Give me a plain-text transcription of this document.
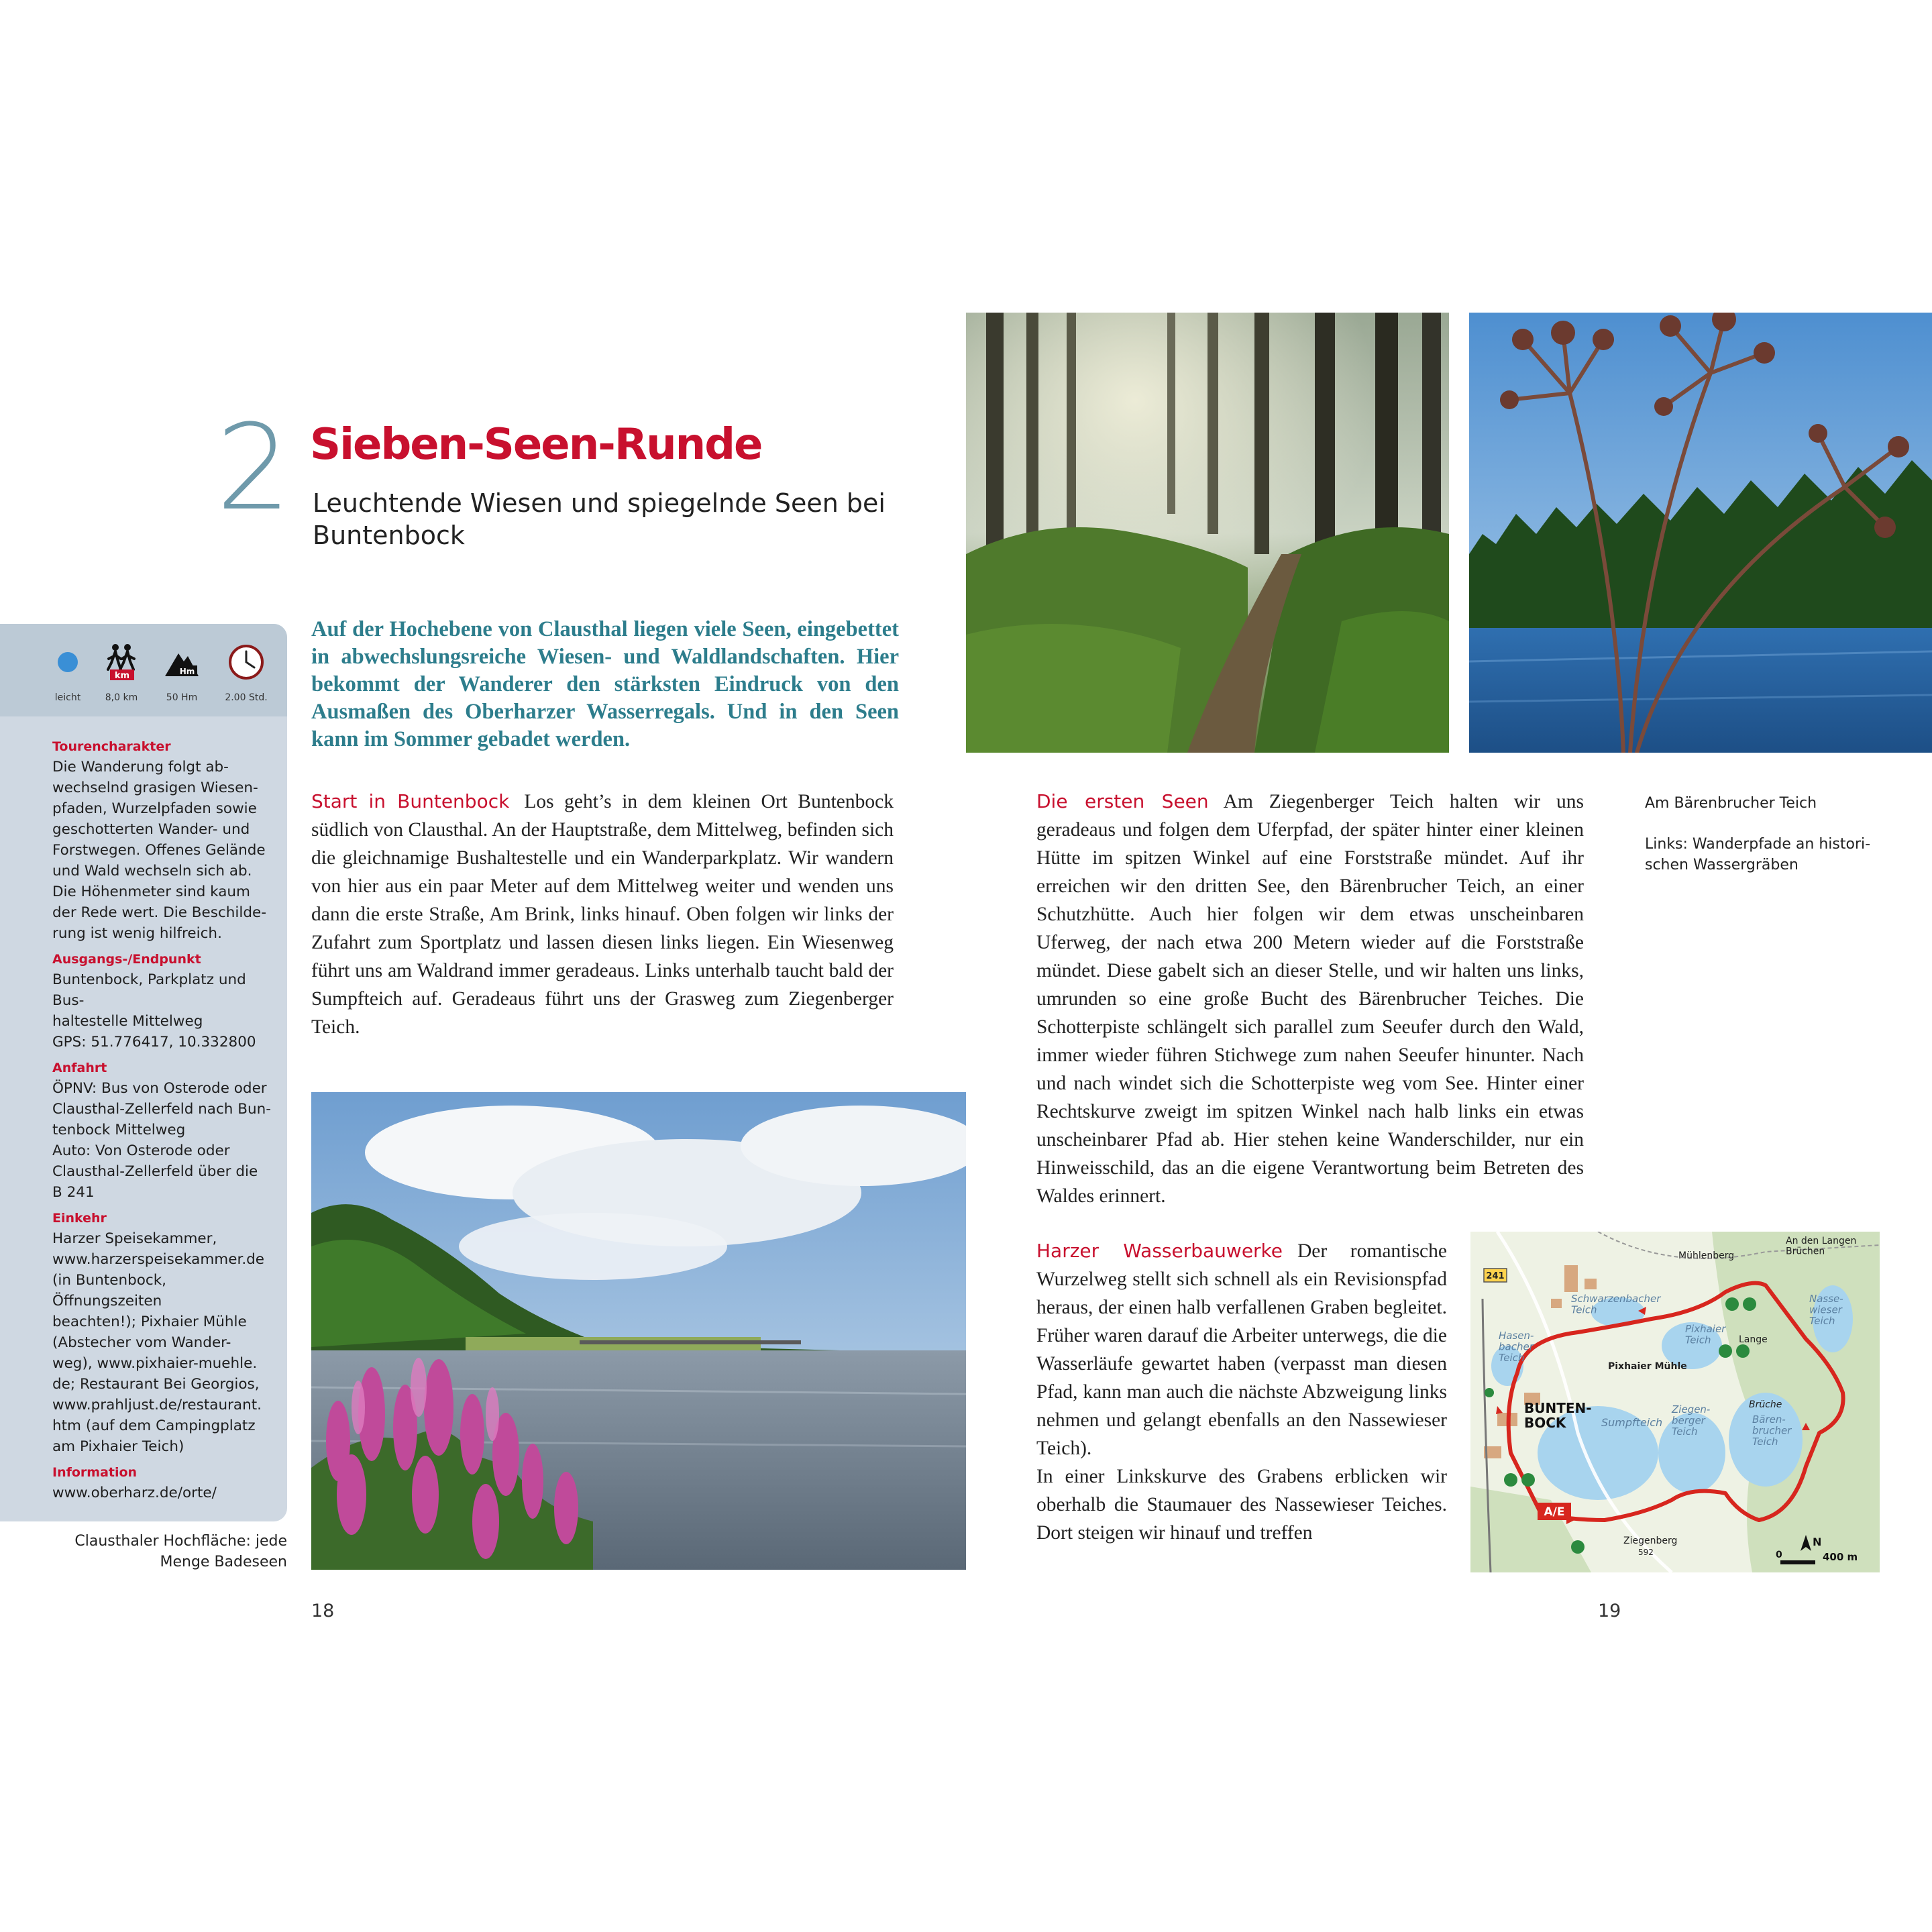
2 Sieben-Seen-Runde
Leuchtende Wiesen und spiegelnde Seen bei Buntenbock
leicht
km
8,0 km
Hm
50 Hm	2.00 Std.
Tourencharakter
Die Wanderung folgt ab-
wechselnd grasigen Wiesen-
pfaden, Wurzelpfaden sowie
geschotterten Wander- und
Forstwegen. Offenes Gelände
und Wald wechseln sich ab.
Die Höhenmeter sind kaum
der Rede wert. Die Beschilde-
rung ist wenig hilfreich.
Ausgangs-/Endpunkt
Buntenbock, Parkplatz und Bus-
haltestelle Mittelweg
GPS: 51.776417, 10.332800
Anfahrt
ÖPNV: Bus von Osterode oder
Clausthal-Zellerfeld nach Bun-
tenbock Mittelweg
Auto: Von Osterode oder
Clausthal-Zellerfeld über die
B 241
Einkehr
Harzer Speisekammer,
www.harzerspeisekammer.de
(in Buntenbock, Öffnungszeiten
beachten!); Pixhaier Mühle
(Abstecher vom Wander-
weg), www.pixhaier-muehle.
de; Restaurant Bei Georgios,
www.prahljust.de/restaurant.
htm (auf dem Campingplatz
am Pixhaier Teich)
Information
www.oberharz.de/orte/
Clausthaler Hochfläche: jede Menge Badeseen
Auf der Hochebene von Clausthal liegen viele Seen, eingebettet in abwechslungsreiche Wiesen- und Waldlandschaften. Hier bekommt der Wanderer den stärksten Eindruck von den Ausmaßen des Oberharzer Wasserregals. Und in den Seen kann im Sommer gebadet werden.
Start in Buntenbock Los geht’s in dem kleinen Ort Buntenbock südlich von Clausthal. An der Hauptstraße, dem Mittelweg, befinden sich die gleichnamige Bushaltestelle und ein Wanderparkplatz. Wir wandern von hier aus ein paar Meter auf dem Mittelweg weiter und wenden uns dann die erste Straße, Am Brink, links hinauf. Oben folgen wir links der Zufahrt zum Sportplatz und lassen diesen links liegen. Ein Wiesenweg führt uns am Waldrand immer geradeaus. Links unterhalb taucht bald der Sumpfteich auf. Geradeaus führt uns der Grasweg zum Ziegenberger Teich.
Die ersten Seen Am Ziegenberger Teich halten wir uns geradeaus und folgen dem Uferpfad, der später hinter einer kleinen Hütte im spitzen Winkel auf eine Forststraße mündet. Auf ihr erreichen wir den dritten See, den Bärenbrucher Teich, an einer Schutzhütte. Auch hier folgen wir dem etwas unscheinbaren Uferweg, der nach etwa 200 Metern wieder auf die Forststraße mündet. Diese gabelt sich an dieser Stelle, und wir halten uns links, umrunden so eine große Bucht des Bärenbrucher Teiches. Die Schotterpiste schlängelt sich parallel zum Seeufer durch den Wald, immer wieder führen Stichwege zum nahen Seeufer hinunter. Nach und nach windet sich die Schotterpiste weg vom See. Hinter einer Rechtskurve zweigt im spitzen Winkel nach halb links ein etwas unscheinbarer Pfad ab. Hier stehen keine Wanderschilder, nur ein Hinweisschild, das an die eigene Verantwortung beim Betreten des Waldes erinnert.

Harzer Wasserbauwerke Der romantische Wurzelweg stellt sich schnell als ein Revisionspfad heraus, der einen halb verfallenen Graben begleitet. Früher waren darauf die Arbeiter unterwegs, die die Wasserläufe gewartet haben (verpasst man diesen Pfad, kann man auch die nächste Abzweigung links nehmen und gelangt ebenfalls an den Nassewieser Teich).

In einer Linkskurve des Grabens erblicken wir oberhalb die Staumauer des Nassewieser Teiches. Dort steigen wir hinauf und treffen

Am Bärenbrucher Teich
Links: Wanderpfade an histori-
schen Wassergräben
18	19
A/E
241
Schwarzenbacher Teich
Pixhaier Teich
Nasse-wieser Teich
Hasen-bacher Teich
Ziegen-berger Teich
Bären-brucher Teich
Sumpfteich
Mühlenberg
An den Langen Brüchen
Lange
Brüche
Pixhaier Mühle
Ziegenberg
592
BUNTEN-BOCK
0	400 m
N
